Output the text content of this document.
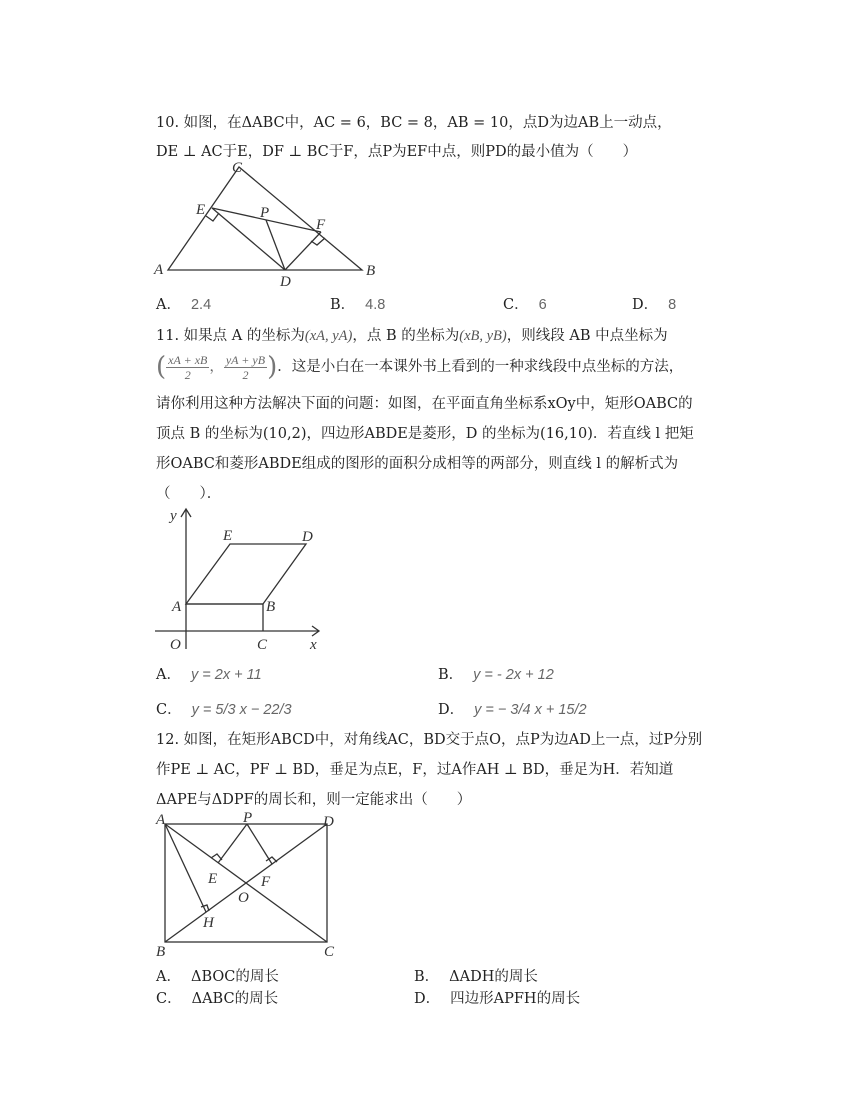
10. 如图，在ΔABC中，AC = 6，BC = 8，AB = 10，点D为边AB上一动点，
DE ⊥ AC于E，DF ⊥ BC于F，点P为EF中点，则PD的最小值为（　　）
C
E	P
F
A
D
B
A． 2.4	B． 4.8	C． 6	D． 8
11. 如果点 A 的坐标为(xA, yA)，点 B 的坐标为(xB, yB)，则线段 AB 中点坐标为
( $\frac{xA + xB}{2}$ ， $\frac{yA + yB}{2}$ )．这是小白在一本课外书上看到的一种求线段中点坐标的方法，
请你利用这种方法解决下面的问题：如图，在平面直角坐标系xOy中，矩形OABC的
顶点 B 的坐标为(10,2)，四边形ABDE是菱形，D 的坐标为(16,10)．若直线 l 把矩
形OABC和菱形ABDE组成的图形的面积分成相等的两部分，则直线 l 的解析式为
（　　）．
y
E	D
A	B
O	C	x
A． y = 2x + 11	B． y = - 2x + 12
C． y = 5/3 x − 22/3	D． y = − 3/4 x + 15/2
12. 如图，在矩形ABCD中，对角线AC，BD交于点O，点P为边AD上一点，过P分别
作PE ⊥ AC，PF ⊥ BD，垂足为点E，F，过A作AH ⊥ BD，垂足为H．若知道
ΔAPE与ΔDPF的周长和，则一定能求出（　　）
A	P	D
E	F
O
H
B	C
A． ΔBOC的周长	B． ΔADH的周长
C． ΔABC的周长	D． 四边形APFH的周长
